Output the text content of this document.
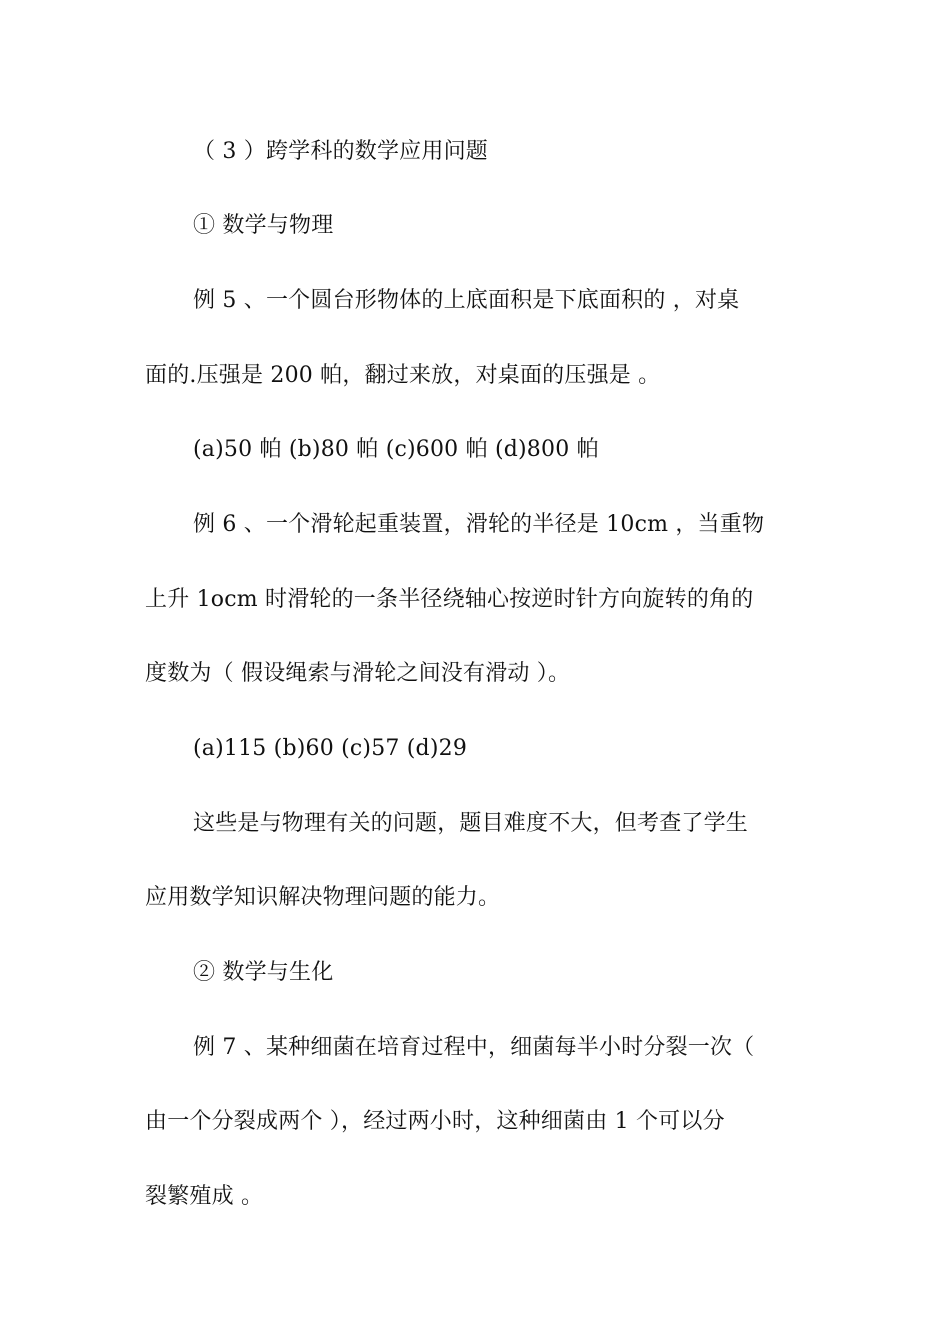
（ 3 ）跨学科的数学应用问题
① 数学与物理
例 5 、一个圆台形物体的上底面积是下底面积的 ，对桌
面的.压强是 200 帕，翻过来放，对桌面的压强是 。
(a)50 帕 (b)80 帕 (c)600 帕 (d)800 帕
例 6 、一个滑轮起重装置，滑轮的半径是 10cm ，当重物
上升 1ocm 时滑轮的一条半径绕轴心按逆时针方向旋转的角的
度数为（ 假设绳索与滑轮之间没有滑动 ）。
(a)115 (b)60 (c)57 (d)29
这些是与物理有关的问题，题目难度不大，但考查了学生
应用数学知识解决物理问题的能力。
② 数学与生化
例 7 、某种细菌在培育过程中，细菌每半小时分裂一次（
由一个分裂成两个 ），经过两小时，这种细菌由 1 个可以分
裂繁殖成 。
